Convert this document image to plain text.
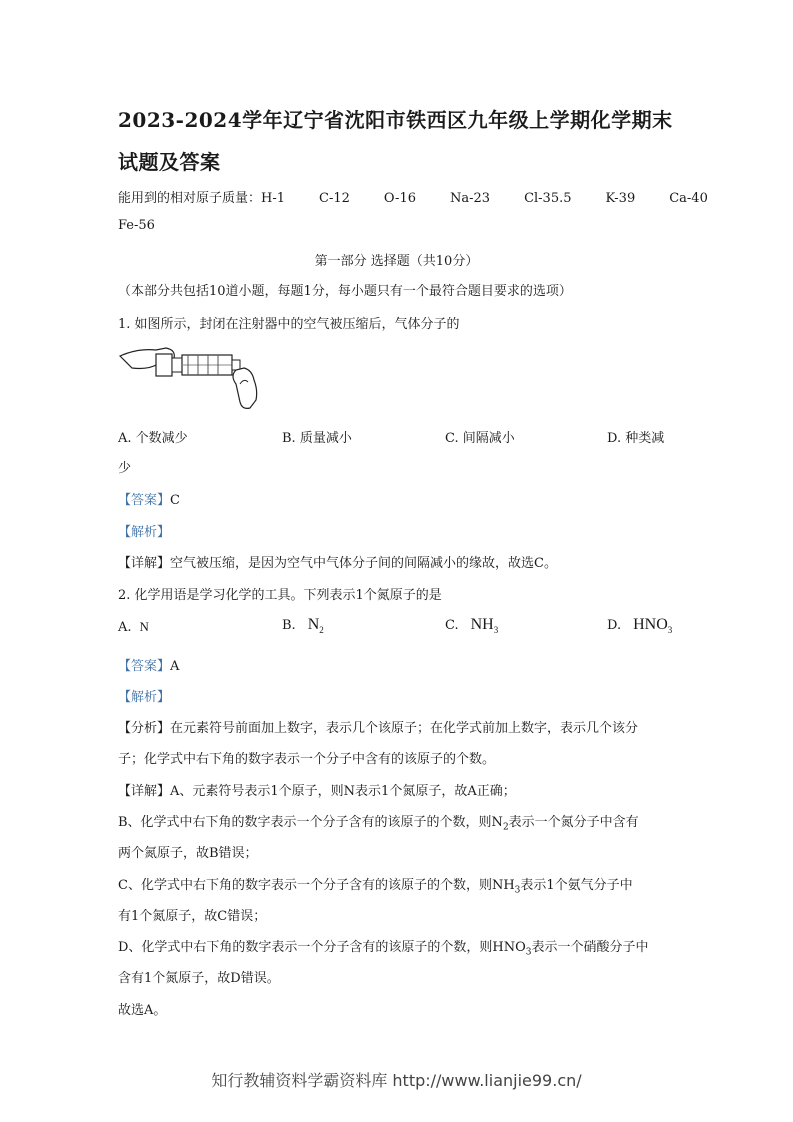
2023-2024学年辽宁省沈阳市铁西区九年级上学期化学期末
试题及答案
能用到的相对原子质量：H-1	C-12	O-16	Na-23	Cl-35.5	K-39	Ca-40
Fe-56
第一部分 选择题（共10分）
（本部分共包括10道小题，每题1分，每小题只有一个最符合题目要求的选项）
1. 如图所示，封闭在注射器中的空气被压缩后，气体分子的
A. 个数减少	B. 质量减小	C. 间隔减小	D. 种类减
少
【答案】C
【解析】
【详解】空气被压缩，是因为空气中气体分子间的间隔减小的缘故，故选C。
2. 化学用语是学习化学的工具。下列表示1个氮原子的是
A. N	B. $N_2$	C. $NH_3$	D. $HNO_3$
【答案】A
【解析】
【分析】在元素符号前面加上数字，表示几个该原子；在化学式前加上数字，表示几个该分
子；化学式中右下角的数字表示一个分子中含有的该原子的个数。
【详解】A、元素符号表示1个原子，则N表示1个氮原子，故A正确；
B、化学式中右下角的数字表示一个分子含有的该原子的个数，则$N_2$表示一个氮分子中含有
两个氮原子，故B错误；
C、化学式中右下角的数字表示一个分子含有的该原子的个数，则$NH_3$表示1个氨气分子中
有1个氮原子，故C错误；
D、化学式中右下角的数字表示一个分子含有的该原子的个数，则$HNO_3$表示一个硝酸分子中
含有1个氮原子，故D错误。
故选A。
知行教辅资料学霸资料库 http://www.lianjie99.cn/
